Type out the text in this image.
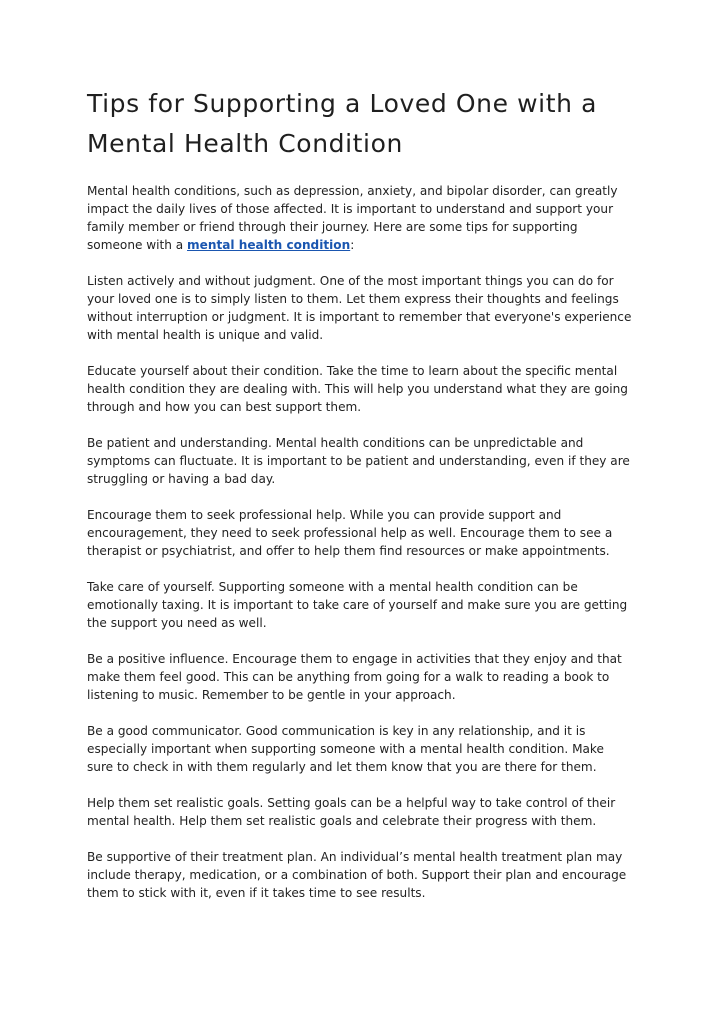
Tips for Supporting a Loved One with a Mental Health Condition

Mental health conditions, such as depression, anxiety, and bipolar disorder, can greatly impact the daily lives of those affected. It is important to understand and support your family member or friend through their journey. Here are some tips for supporting someone with a mental health condition:

Listen actively and without judgment. One of the most important things you can do for your loved one is to simply listen to them. Let them express their thoughts and feelings without interruption or judgment. It is important to remember that everyone's experience with mental health is unique and valid.

Educate yourself about their condition. Take the time to learn about the specific mental health condition they are dealing with. This will help you understand what they are going through and how you can best support them.

Be patient and understanding. Mental health conditions can be unpredictable and symptoms can fluctuate. It is important to be patient and understanding, even if they are struggling or having a bad day.

Encourage them to seek professional help. While you can provide support and encouragement, they need to seek professional help as well. Encourage them to see a therapist or psychiatrist, and offer to help them find resources or make appointments.

Take care of yourself. Supporting someone with a mental health condition can be emotionally taxing. It is important to take care of yourself and make sure you are getting the support you need as well.

Be a positive influence. Encourage them to engage in activities that they enjoy and that make them feel good. This can be anything from going for a walk to reading a book to listening to music. Remember to be gentle in your approach.

Be a good communicator. Good communication is key in any relationship, and it is especially important when supporting someone with a mental health condition. Make sure to check in with them regularly and let them know that you are there for them.

Help them set realistic goals. Setting goals can be a helpful way to take control of their mental health. Help them set realistic goals and celebrate their progress with them.

Be supportive of their treatment plan. An individual’s mental health treatment plan may include therapy, medication, or a combination of both. Support their plan and encourage them to stick with it, even if it takes time to see results.
